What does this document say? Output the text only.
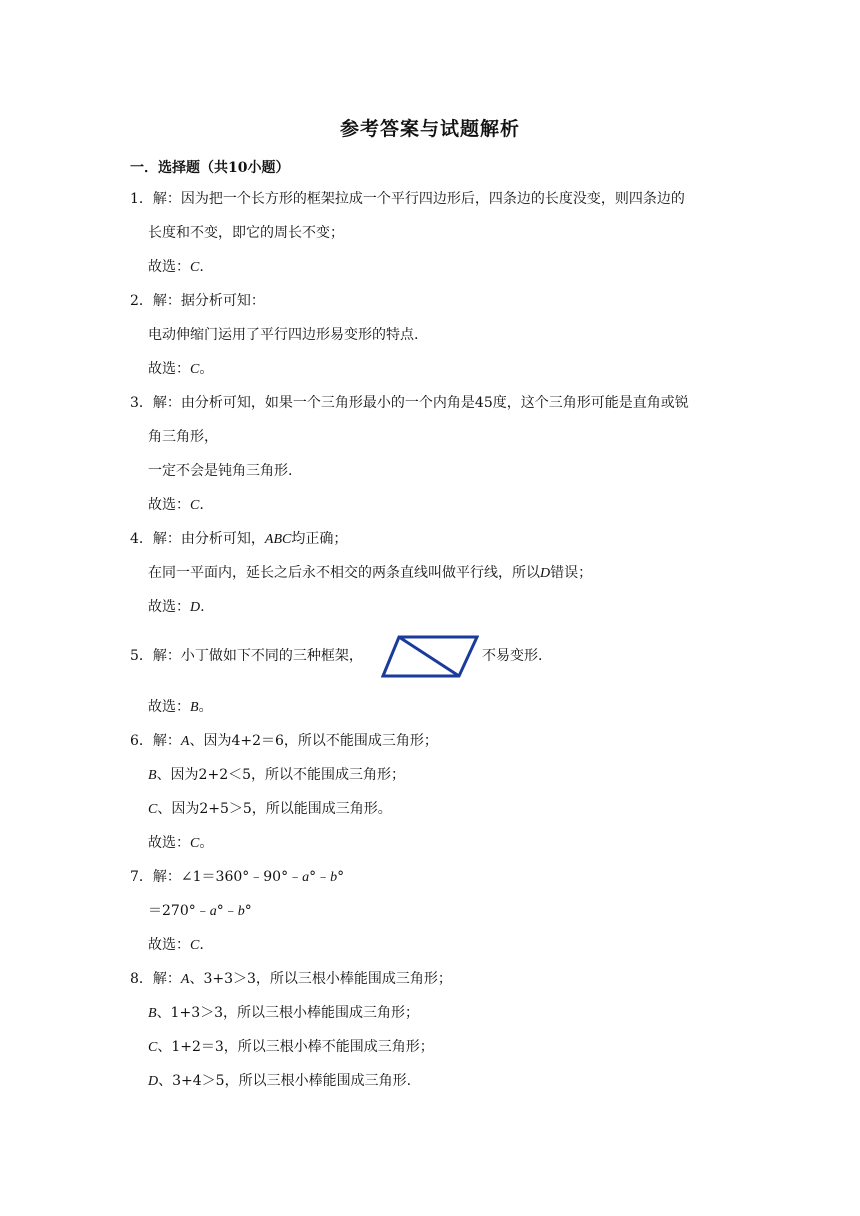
参考答案与试题解析
一．选择题（共10小题）
1．解：因为把一个长方形的框架拉成一个平行四边形后，四条边的长度没变，则四条边的
长度和不变，即它的周长不变；
故选：C.
2．解：据分析可知：
电动伸缩门运用了平行四边形易变形的特点.
故选：C。
3．解：由分析可知，如果一个三角形最小的一个内角是45度，这个三角形可能是直角或锐
角三角形，
一定不会是钝角三角形.
故选：C.
4．解：由分析可知，ABC均正确；
在同一平面内，延长之后永不相交的两条直线叫做平行线，所以D错误；
故选：D.
5．解：小丁做如下不同的三种框架，	不易变形.
故选：B。
6．解：A、因为4+2＝6，所以不能围成三角形；
B、因为2+2＜5，所以不能围成三角形；
C、因为2+5＞5，所以能围成三角形。
故选：C。
7．解：∠1＝360°﹣90°﹣a°﹣b°
＝270°﹣a°﹣b°
故选：C.
8．解：A、3+3＞3，所以三根小棒能围成三角形；
B、1+3＞3，所以三根小棒能围成三角形；
C、1+2＝3，所以三根小棒不能围成三角形；
D、3+4＞5，所以三根小棒能围成三角形.
